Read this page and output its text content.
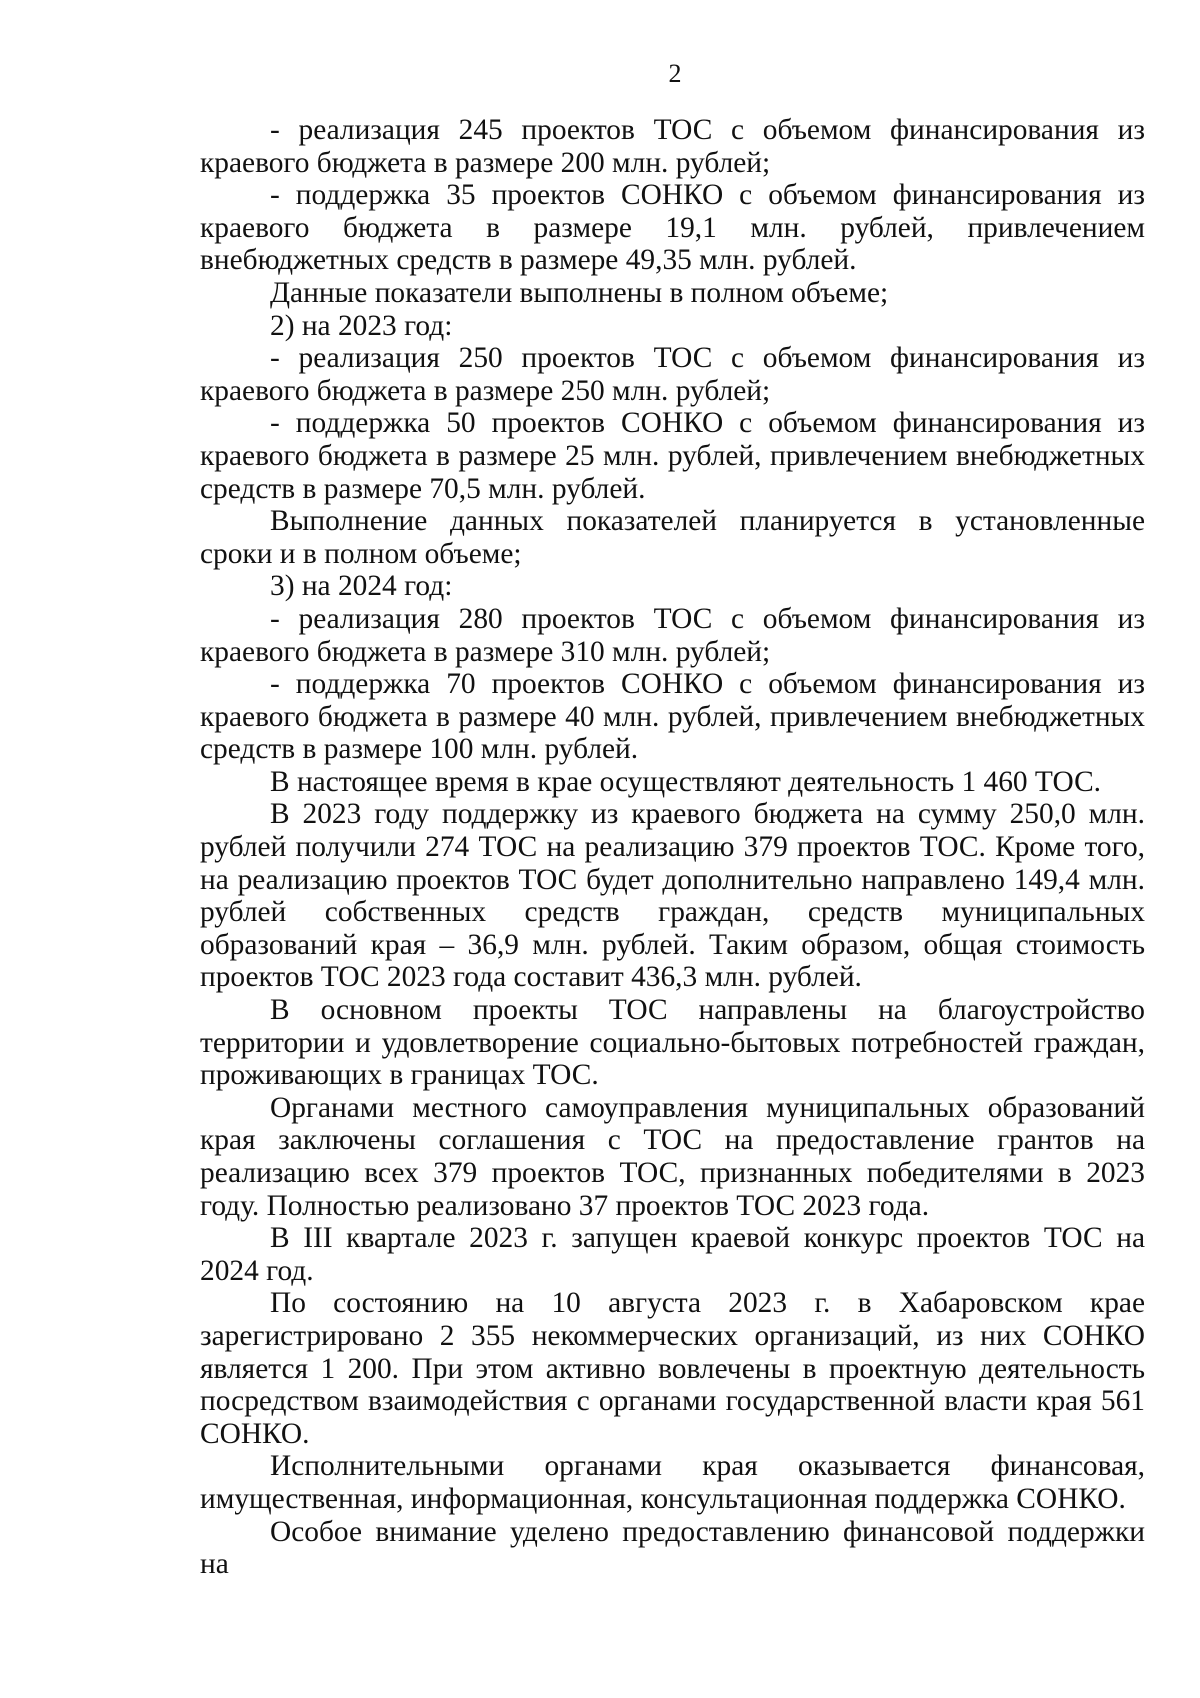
2

- реализация 245 проектов ТОС с объемом финансирования из краевого бюджета в размере 200 млн. рублей;

- поддержка 35 проектов СОНКО с объемом финансирования из краевого бюджета в размере 19,1 млн. рублей, привлечением внебюджетных средств в размере 49,35 млн. рублей.

Данные показатели выполнены в полном объеме;

2) на 2023 год:

- реализация 250 проектов ТОС с объемом финансирования из краевого бюджета в размере 250 млн. рублей;

- поддержка 50 проектов СОНКО с объемом финансирования из краевого бюджета в размере 25 млн. рублей, привлечением внебюджетных средств в размере 70,5 млн. рублей.

Выполнение данных показателей планируется в установленные сроки и в полном объеме;

3) на 2024 год:

- реализация 280 проектов ТОС с объемом финансирования из краевого бюджета в размере 310 млн. рублей;

- поддержка 70 проектов СОНКО с объемом финансирования из краевого бюджета в размере 40 млн. рублей, привлечением внебюджетных средств в размере 100 млн. рублей.

В настоящее время в крае осуществляют деятельность 1 460 ТОС.

В 2023 году поддержку из краевого бюджета на сумму 250,0 млн. рублей получили 274 ТОС на реализацию 379 проектов ТОС. Кроме того, на реализацию проектов ТОС будет дополнительно направлено 149,4 млн. рублей собственных средств граждан, средств муниципальных образований края – 36,9 млн. рублей. Таким образом, общая стоимость проектов ТОС 2023 года составит 436,3 млн. рублей.

В основном проекты ТОС направлены на благоустройство территории и удовлетворение социально-бытовых потребностей граждан, проживающих в границах ТОС.

Органами местного самоуправления муниципальных образований края заключены соглашения с ТОС на предоставление грантов на реализацию всех 379 проектов ТОС, признанных победителями в 2023 году. Полностью реализовано 37 проектов ТОС 2023 года.

В III квартале 2023 г. запущен краевой конкурс проектов ТОС на 2024 год.

По состоянию на 10 августа 2023 г. в Хабаровском крае зарегистрировано 2 355 некоммерческих организаций, из них СОНКО является 1 200. При этом активно вовлечены в проектную деятельность посредством взаимодействия с органами государственной власти края 561 СОНКО.

Исполнительными органами края оказывается финансовая, имущественная, информационная, консультационная поддержка СОНКО.

Особое внимание уделено предоставлению финансовой поддержки на
